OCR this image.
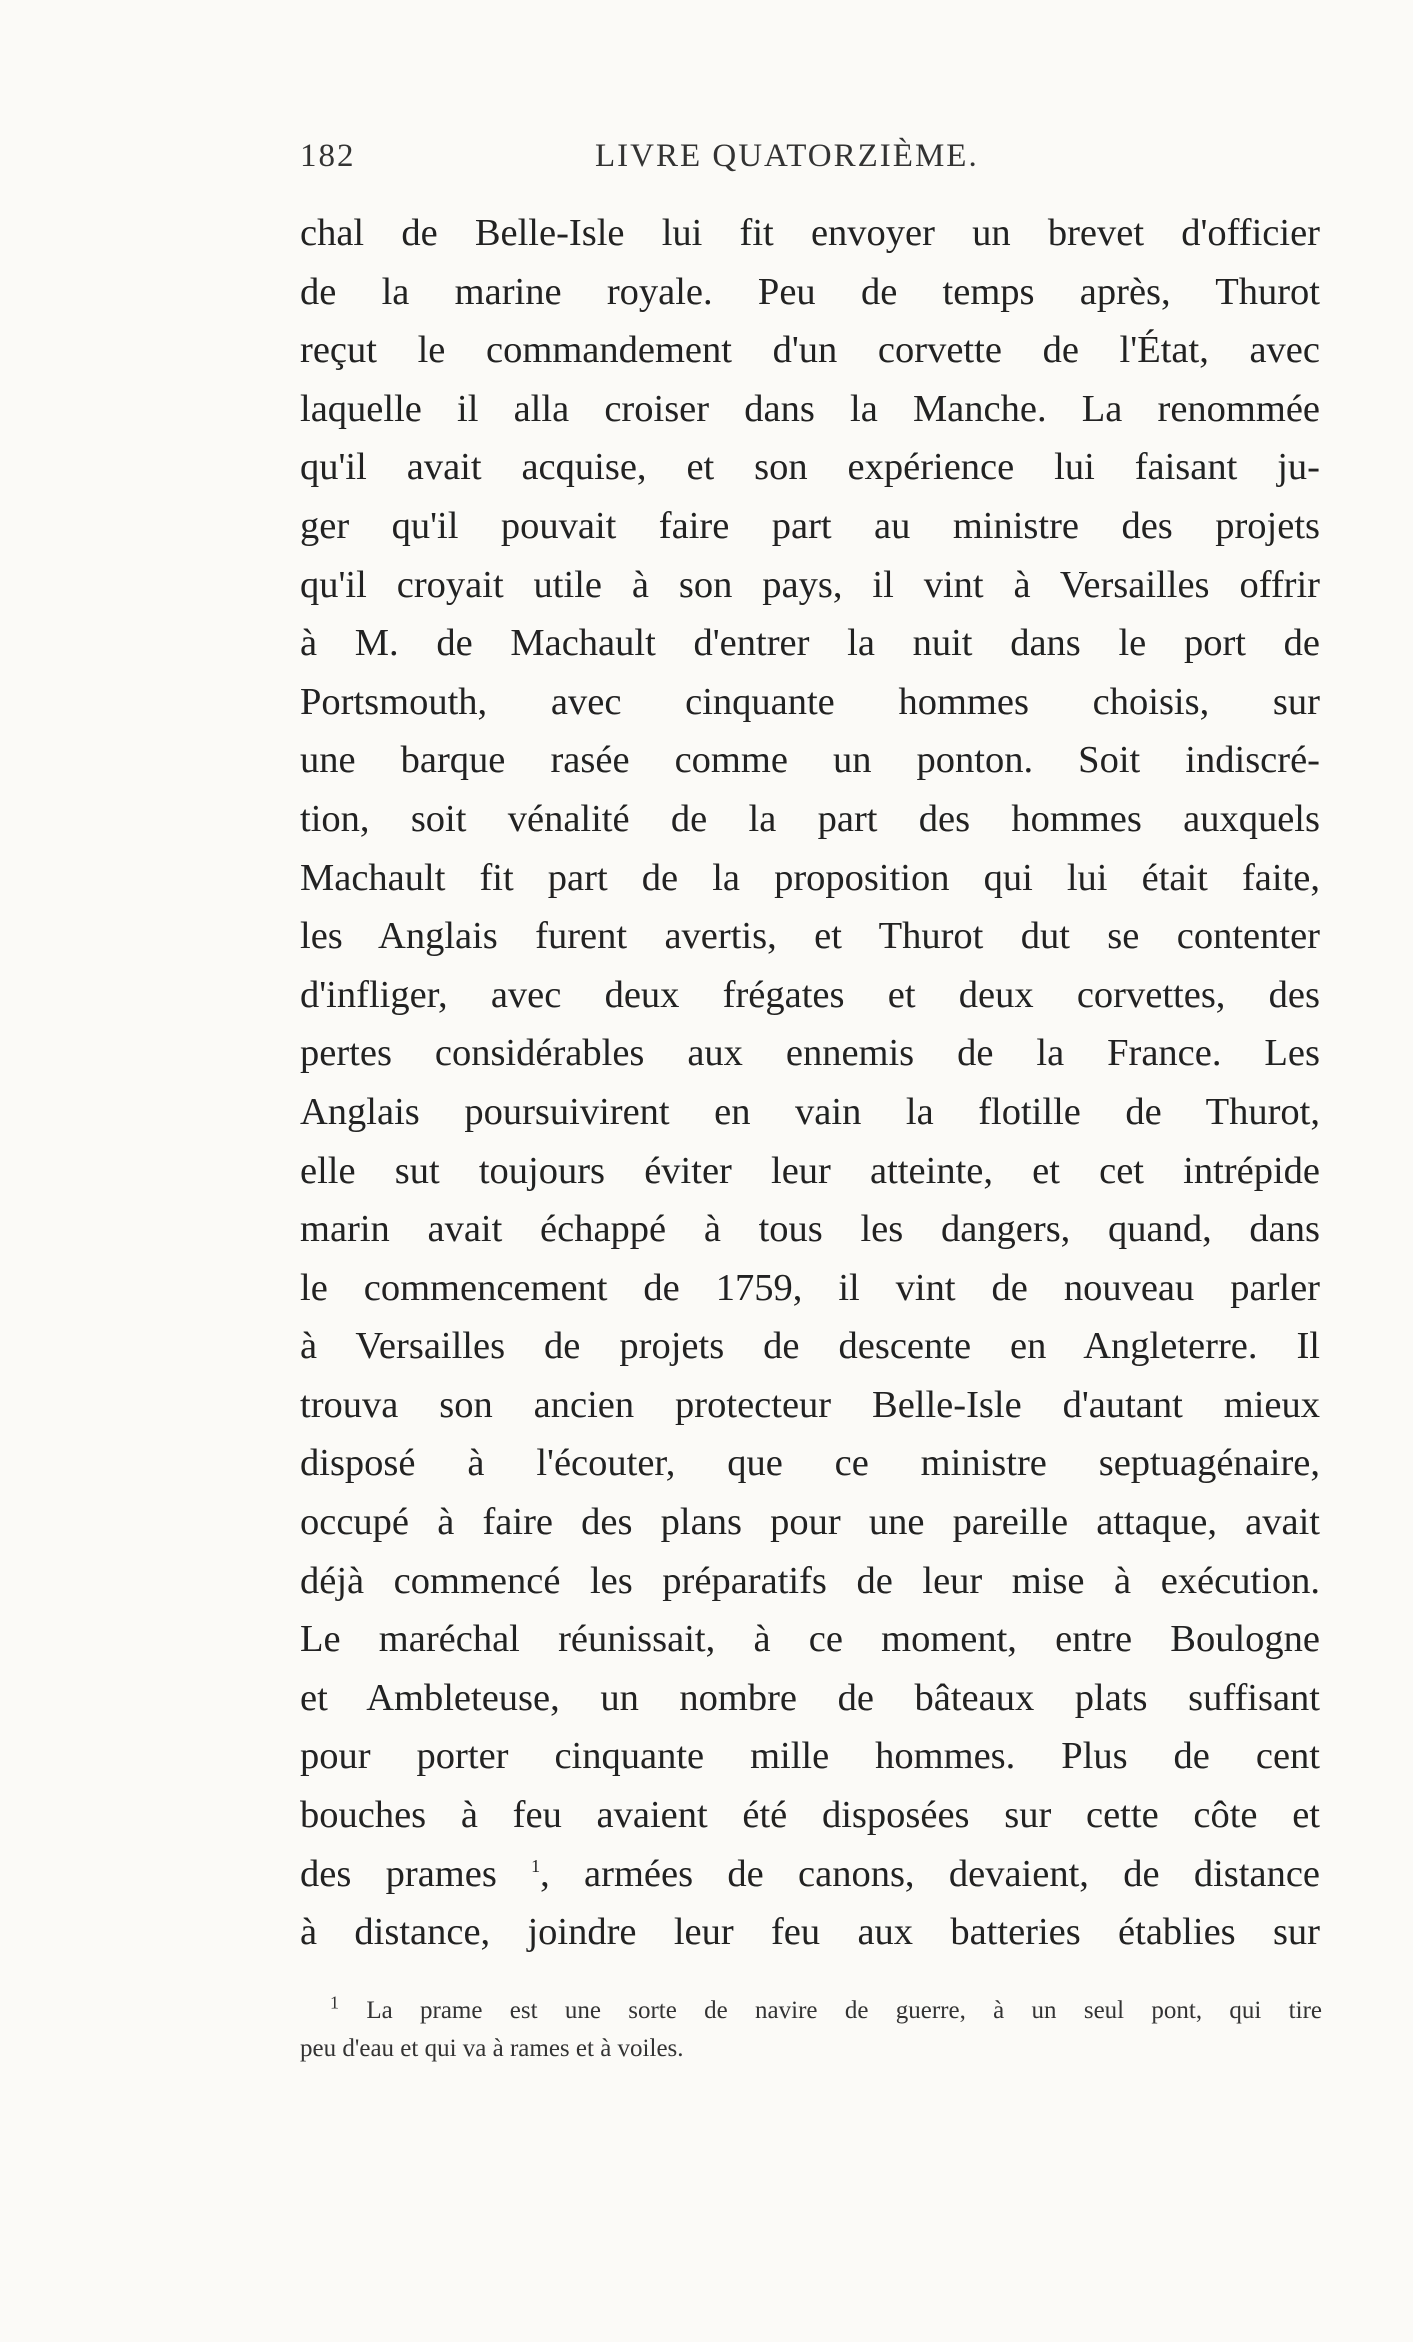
182	LIVRE QUATORZIÈME.
chal de Belle-Isle lui fit envoyer un brevet d'officier
de la marine royale. Peu de temps après, Thurot
reçut le commandement d'un corvette de l'État, avec
laquelle il alla croiser dans la Manche. La renommée
qu'il avait acquise, et son expérience lui faisant ju-
ger qu'il pouvait faire part au ministre des projets
qu'il croyait utile à son pays, il vint à Versailles offrir
à M. de Machault d'entrer la nuit dans le port de
Portsmouth, avec cinquante hommes choisis, sur
une barque rasée comme un ponton. Soit indiscré-
tion, soit vénalité de la part des hommes auxquels
Machault fit part de la proposition qui lui était faite,
les Anglais furent avertis, et Thurot dut se contenter
d'infliger, avec deux frégates et deux corvettes, des
pertes considérables aux ennemis de la France. Les
Anglais poursuivirent en vain la flotille de Thurot,
elle sut toujours éviter leur atteinte, et cet intrépide
marin avait échappé à tous les dangers, quand, dans
le commencement de 1759, il vint de nouveau parler
à Versailles de projets de descente en Angleterre. Il
trouva son ancien protecteur Belle-Isle d'autant mieux
disposé à l'écouter, que ce ministre septuagénaire,
occupé à faire des plans pour une pareille attaque, avait
déjà commencé les préparatifs de leur mise à exécution.
Le maréchal réunissait, à ce moment, entre Boulogne
et Ambleteuse, un nombre de bâteaux plats suffisant
pour porter cinquante mille hommes. Plus de cent
bouches à feu avaient été disposées sur cette côte et
des prames $^1$, armées de canons, devaient, de distance
à distance, joindre leur feu aux batteries établies sur
$^1$ La prame est une sorte de navire de guerre, à un seul pont, qui tire
peu d'eau et qui va à rames et à voiles.
